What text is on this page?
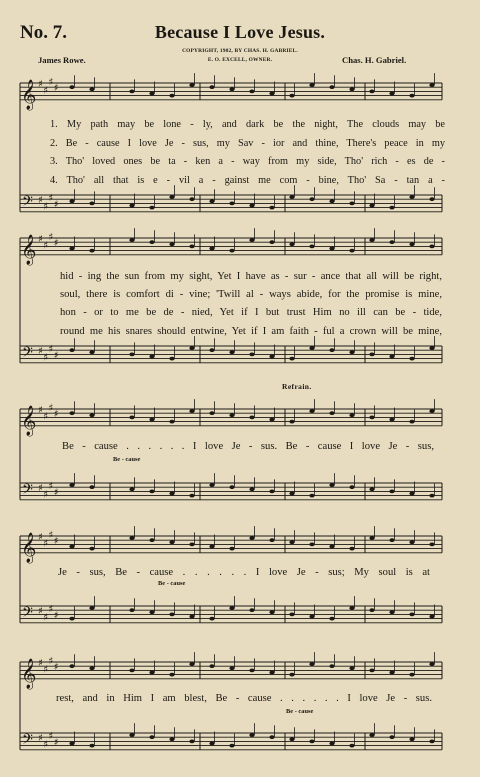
No. 7.	Because I Love Jesus.
COPYRIGHT, 1902, BY CHAS. H. GABRIEL.
E. O. EXCELL, OWNER.
James Rowe.	Chas. H. Gabriel.
𝄞
𝄢
♯
♯
♯
♯
♯
♯
♯
♯
𝄞
𝄢
♯
♯
♯
♯
♯
♯
♯
♯
𝄞
𝄢
♯
♯
♯
♯
♯
♯
♯
♯
𝄞
𝄢
♯
♯
♯
♯
♯
♯
♯
♯
𝄞
𝄢
♯
♯
♯
♯
♯
♯
♯
♯
1. My path may be lone - ly, and dark be the night, The clouds may be
2. Be - cause I love Je - sus, my Sav - ior and thine, There's peace in my
3. Tho' loved ones be ta - ken a - way from my side, Tho' rich - es de -
4. Tho' all that is e - vil a - gainst me com - bine, Tho' Sa - tan a -
hid - ing the sun from my sight, Yet I have as - sur - ance that all will be right,
soul, there is comfort di - vine; 'Twill al - ways abide, for the promise is mine,
hon - or to me be de - nied, Yet if I but trust Him no ill can be - tide,
round me his snares should entwine, Yet if I am faith - ful a crown will be mine,
Refrain.
Be - cause . . . . . . I love Je - sus. Be - cause I love Je - sus,
Be - cause
Je - sus, Be - cause . . . . . . I love Je - sus; My soul is at
Be - cause
rest, and in Him I am blest, Be - cause . . . . . . I love Je - sus.
Be - cause
